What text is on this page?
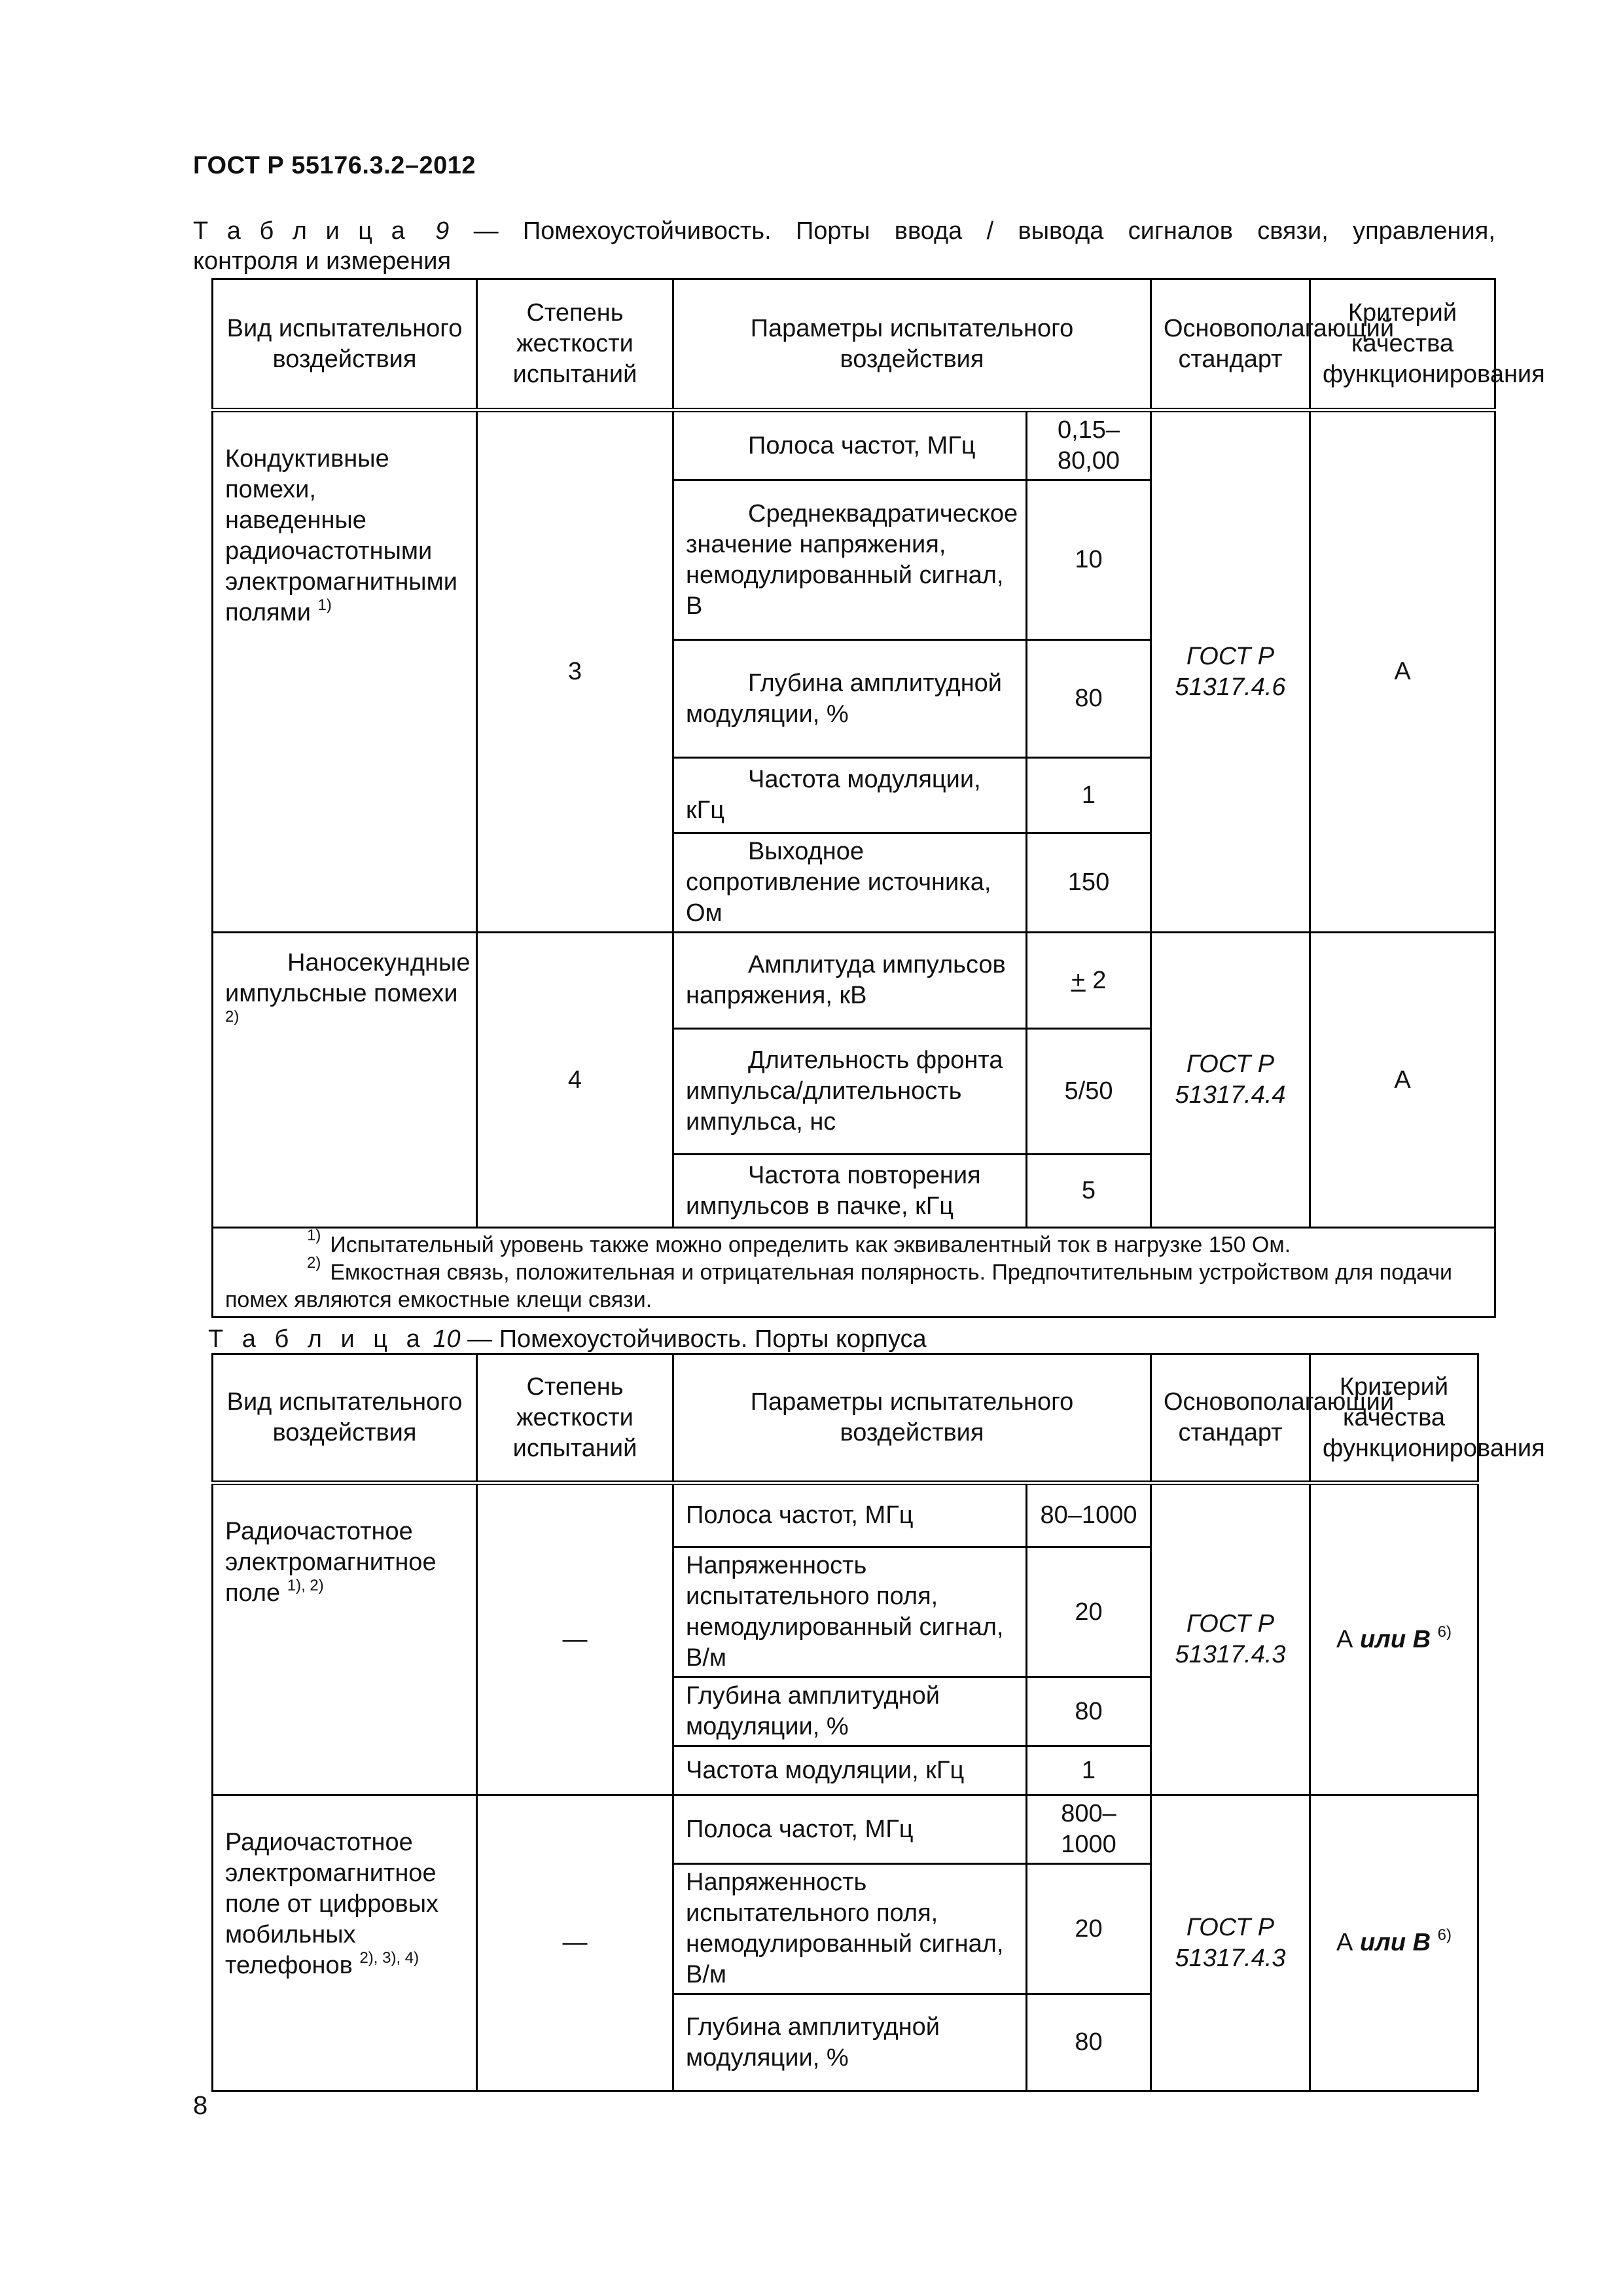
ГОСТ Р 55176.3.2–2012
Т а б л и ц а 9 — Помехоустойчивость. Порты ввода / вывода сигналов связи, управления,
контроля и измерения
Вид испытательного воздействия	Степень жесткости испытаний	Параметры испытательного воздействия		Основополагающий стандарт	Критерий качества функционирования
Кондуктивные помехи, наведенные радиочастотными электромагнитными полями $^{1)}$	3	Полоса частот, МГц	0,15–80,00	ГОСТ Р 51317.4.6	А
		Среднеквадратическое значение напряжения, немодулированный сигнал, В	10		
		Глубина амплитудной модуляции, %	80		
		Частота модуляции, кГц	1		
		Выходное сопротивление источника, Ом	150		
Наносекундные импульсные помехи $^{2)}$	4	Амплитуда импульсов напряжения, кВ	+ 2	ГОСТ Р 51317.4.4	А
		Длительность фронта импульса/длительность импульса, нс	5/50		
		Частота повторения импульсов в пачке, кГц	5		

$^{1)}$ Испытательный уровень также можно определить как эквивалентный ток в нагрузке 150 Ом.
$^{2)}$ Емкостная связь, положительная и отрицательная полярность. Предпочтительным устройством для подачи помех являются емкостные клещи связи.					
Т а б л и ц а 10 — Помехоустойчивость. Порты корпуса
Вид испытательного воздействия	Степень жесткости испытаний	Параметры испытательного воздействия		Основополагающий стандарт	Критерий качества функционирования
Радиочастотное электромагнитное поле $^{1), 2)}$	—	Полоса частот, МГц	80–1000	ГОСТ Р 51317.4.3	А или В $^{6)}$
		Напряженность испытательного поля, немодулированный сигнал, В/м	20		
		Глубина амплитудной модуляции, %	80		
		Частота модуляции, кГц	1		
Радиочастотное электромагнитное поле от цифровых мобильных телефонов $^{2), 3), 4)}$	—	Полоса частот, МГц	800–1000	ГОСТ Р 51317.4.3	А или В $^{6)}$
		Напряженность испытательного поля, немодулированный сигнал, В/м	20		
		Глубина амплитудной модуляции, %	80		
8
